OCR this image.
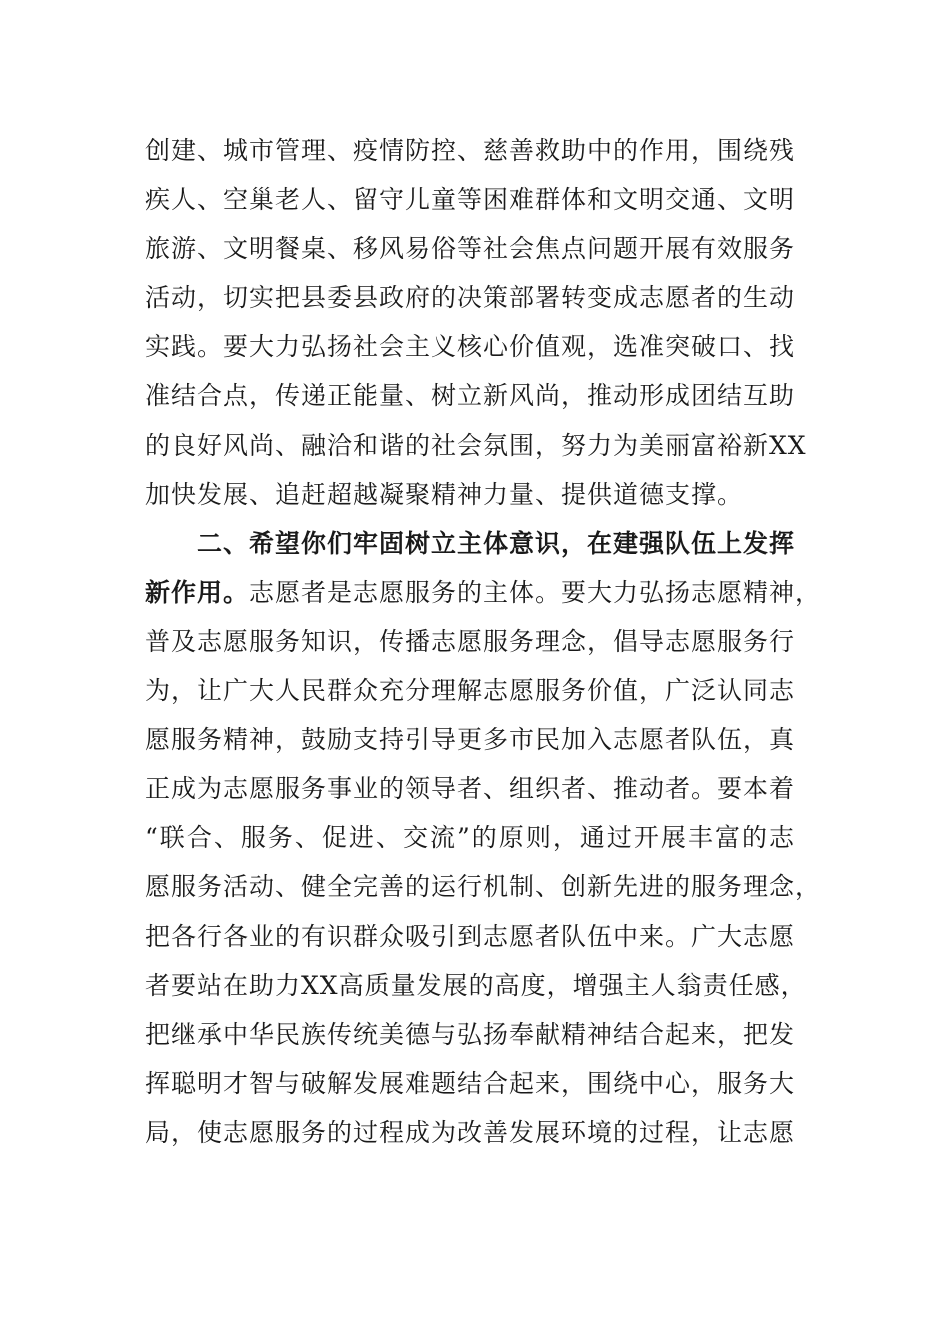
创建、城市管理、疫情防控、慈善救助中的作用，围绕残
疾人、空巢老人、留守儿童等困难群体和文明交通、文明
旅游、文明餐桌、移风易俗等社会焦点问题开展有效服务
活动，切实把县委县政府的决策部署转变成志愿者的生动
实践。要大力弘扬社会主义核心价值观，选准突破口、找
准结合点，传递正能量、树立新风尚，推动形成团结互助
的良好风尚、融洽和谐的社会氛围，努力为美丽富裕新XX
加快发展、追赶超越凝聚精神力量、提供道德支撑。
二、希望你们牢固树立主体意识，在建强队伍上发挥
新作用。志愿者是志愿服务的主体。要大力弘扬志愿精神，
普及志愿服务知识，传播志愿服务理念，倡导志愿服务行
为，让广大人民群众充分理解志愿服务价值，广泛认同志
愿服务精神，鼓励支持引导更多市民加入志愿者队伍，真
正成为志愿服务事业的领导者、组织者、推动者。要本着
“联合、服务、促进、交流”的原则，通过开展丰富的志
愿服务活动、健全完善的运行机制、创新先进的服务理念，
把各行各业的有识群众吸引到志愿者队伍中来。广大志愿
者要站在助力XX高质量发展的高度，增强主人翁责任感，
把继承中华民族传统美德与弘扬奉献精神结合起来，把发
挥聪明才智与破解发展难题结合起来，围绕中心，服务大
局，使志愿服务的过程成为改善发展环境的过程，让志愿
